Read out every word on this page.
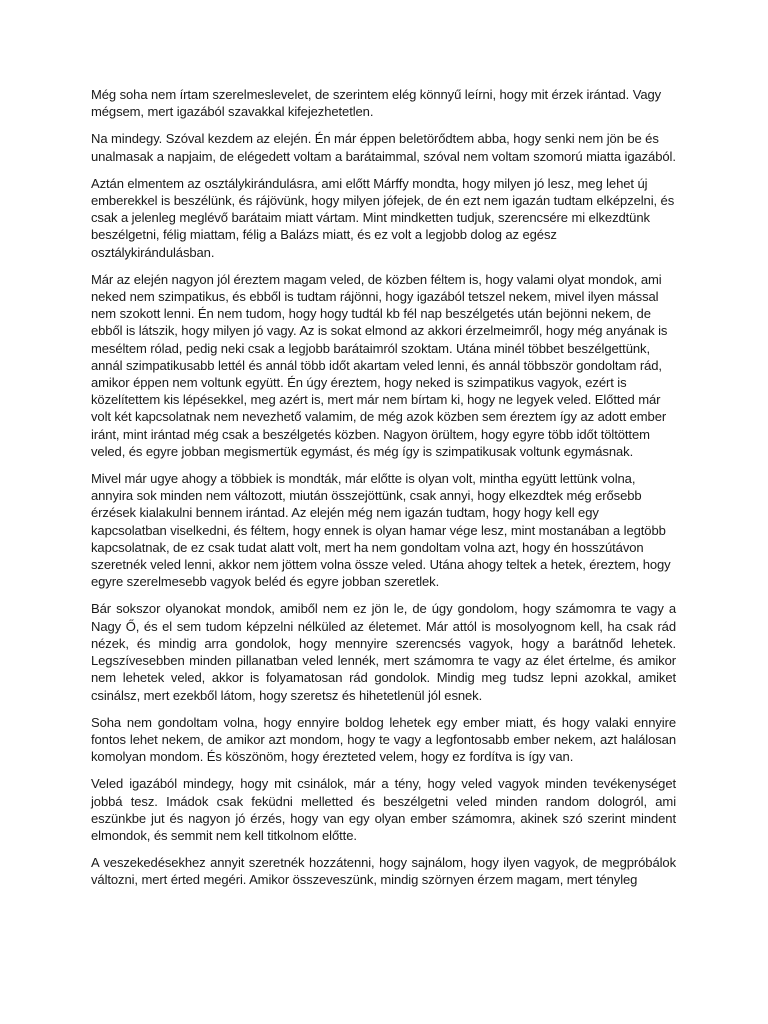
Még soha nem írtam szerelmeslevelet, de szerintem elég könnyű leírni, hogy mit érzek irántad. Vagy mégsem, mert igazából szavakkal kifejezhetetlen.

Na mindegy. Szóval kezdem az elején. Én már éppen beletörődtem abba, hogy senki nem jön be és unalmasak a napjaim, de elégedett voltam a barátaimmal, szóval nem voltam szomorú miatta igazából.

Aztán elmentem az osztálykirándulásra, ami előtt Márffy mondta, hogy milyen jó lesz, meg lehet új emberekkel is beszélünk, és rájövünk, hogy milyen jófejek, de én ezt nem igazán tudtam elképzelni, és csak a jelenleg meglévő barátaim miatt vártam. Mint mindketten tudjuk, szerencsére mi elkezdtünk beszélgetni, félig miattam, félig a Balázs miatt, és ez volt a legjobb dolog az egész osztálykirándulásban.

Már az elején nagyon jól éreztem magam veled, de közben féltem is, hogy valami olyat mondok, ami neked nem szimpatikus, és ebből is tudtam rájönni, hogy igazából tetszel nekem, mivel ilyen mással nem szokott lenni. Én nem tudom, hogy hogy tudtál kb fél nap beszélgetés után bejönni nekem, de ebből is látszik, hogy milyen jó vagy. Az is sokat elmond az akkori érzelmeimről, hogy még anyának is meséltem rólad, pedig neki csak a legjobb barátaimról szoktam. Utána minél többet beszélgettünk, annál szimpatikusabb lettél és annál több időt akartam veled lenni, és annál többször gondoltam rád, amikor éppen nem voltunk együtt. Én úgy éreztem, hogy neked is szimpatikus vagyok, ezért is közelítettem kis lépésekkel, meg azért is, mert már nem bírtam ki, hogy ne legyek veled. Előtted már volt két kapcsolatnak nem nevezhető valamim, de még azok közben sem éreztem így az adott ember iránt, mint irántad még csak a beszélgetés közben. Nagyon örültem, hogy egyre több időt töltöttem veled, és egyre jobban megismertük egymást, és még így is szimpatikusak voltunk egymásnak.

Mivel már ugye ahogy a többiek is mondták, már előtte is olyan volt, mintha együtt lettünk volna, annyira sok minden nem változott, miután összejöttünk, csak annyi, hogy elkezdtek még erősebb érzések kialakulni bennem irántad. Az elején még nem igazán tudtam, hogy hogy kell egy kapcsolatban viselkedni, és féltem, hogy ennek is olyan hamar vége lesz, mint mostanában a legtöbb kapcsolatnak, de ez csak tudat alatt volt, mert ha nem gondoltam volna azt, hogy én hosszútávon szeretnék veled lenni, akkor nem jöttem volna össze veled. Utána ahogy teltek a hetek, éreztem, hogy egyre szerelmesebb vagyok beléd és egyre jobban szeretlek.

Bár sokszor olyanokat mondok, amiből nem ez jön le, de úgy gondolom, hogy számomra te vagy a Nagy Ő, és el sem tudom képzelni nélküled az életemet. Már attól is mosolyognom kell, ha csak rád nézek, és mindig arra gondolok, hogy mennyire szerencsés vagyok, hogy a barátnőd lehetek. Legszívesebben minden pillanatban veled lennék, mert számomra te vagy az élet értelme, és amikor nem lehetek veled, akkor is folyamatosan rád gondolok. Mindig meg tudsz lepni azokkal, amiket csinálsz, mert ezekből látom, hogy szeretsz és hihetetlenül jól esnek.

Soha nem gondoltam volna, hogy ennyire boldog lehetek egy ember miatt, és hogy valaki ennyire fontos lehet nekem, de amikor azt mondom, hogy te vagy a legfontosabb ember nekem, azt halálosan komolyan mondom. És köszönöm, hogy érezteted velem, hogy ez fordítva is így van.

Veled igazából mindegy, hogy mit csinálok, már a tény, hogy veled vagyok minden tevékenységet jobbá tesz. Imádok csak feküdni melletted és beszélgetni veled minden random dologról, ami eszünkbe jut és nagyon jó érzés, hogy van egy olyan ember számomra, akinek szó szerint mindent elmondok, és semmit nem kell titkolnom előtte.

A veszekedésekhez annyit szeretnék hozzátenni, hogy sajnálom, hogy ilyen vagyok, de megpróbálok változni, mert érted megéri. Amikor összeveszünk, mindig szörnyen érzem magam, mert tényleg
